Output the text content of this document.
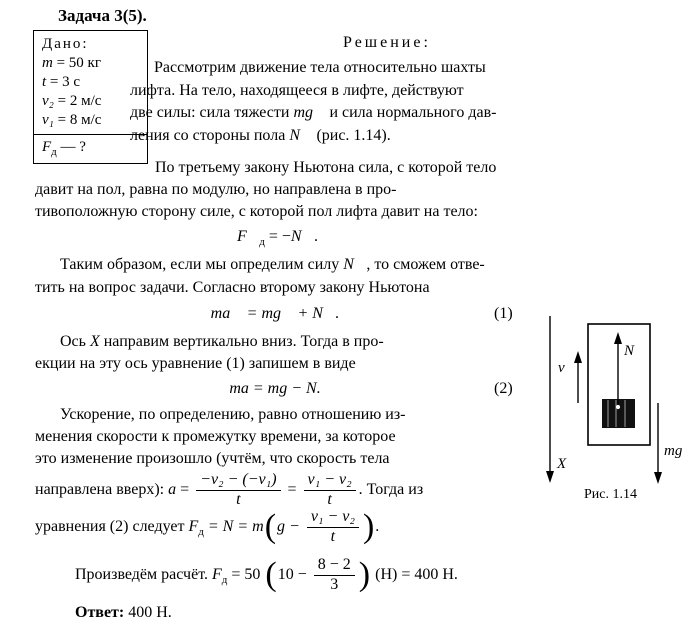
Задача 3(5).
Дано:
m = 50 кг
t = 3 с
v₂ = 2 м/с
v₁ = 8 м/с
$F_д$ — ?
Решение:
Рассмотрим движение тела относительно шахты
лифта. На тело, находящееся в лифте, действуют
две силы: сила тяжести mg⃗ и сила нормального дав-
ления со стороны пола N⃗ (рис. 1.14).
По третьему закону Ньютона сила, с которой тело
давит на пол, равна по модулю, но направлена в про-
тивоположную сторону силе, с которой пол лифта давит на тело:
$F⃗_д$ = −N⃗.
Таким образом, если мы определим силу N⃗, то сможем отве-
тить на вопрос задачи. Согласно второму закону Ньютона
ma⃗ = mg⃗ + N⃗.	(1)
Ось X направим вертикально вниз. Тогда в про-
екции на эту ось уравнение (1) запишем в виде
ma = mg − N.	(2)
Ускорение, по определению, равно отношению из-
менения скорости к промежутку времени, за которое
это изменение произошло (учтём, что скорость тела
направлена вверх): $a = \frac{\text{−v₂ − (−v₁)}}{t} = \frac{\text{v₁ − v₂}}{t}$ . Тогда из
уравнения (2) следует $F_д = N = m(g - \frac{\text{v₁ − v₂}}{t}$ ).
Произведём расчёт. $F_д = 50$ ($10 - \frac{8 - 2}{3}$ ) (Н) = 400 Н.
Ответ: 400 Н.
X
v⃗
N⃗
mg⃗
Рис. 1.14
